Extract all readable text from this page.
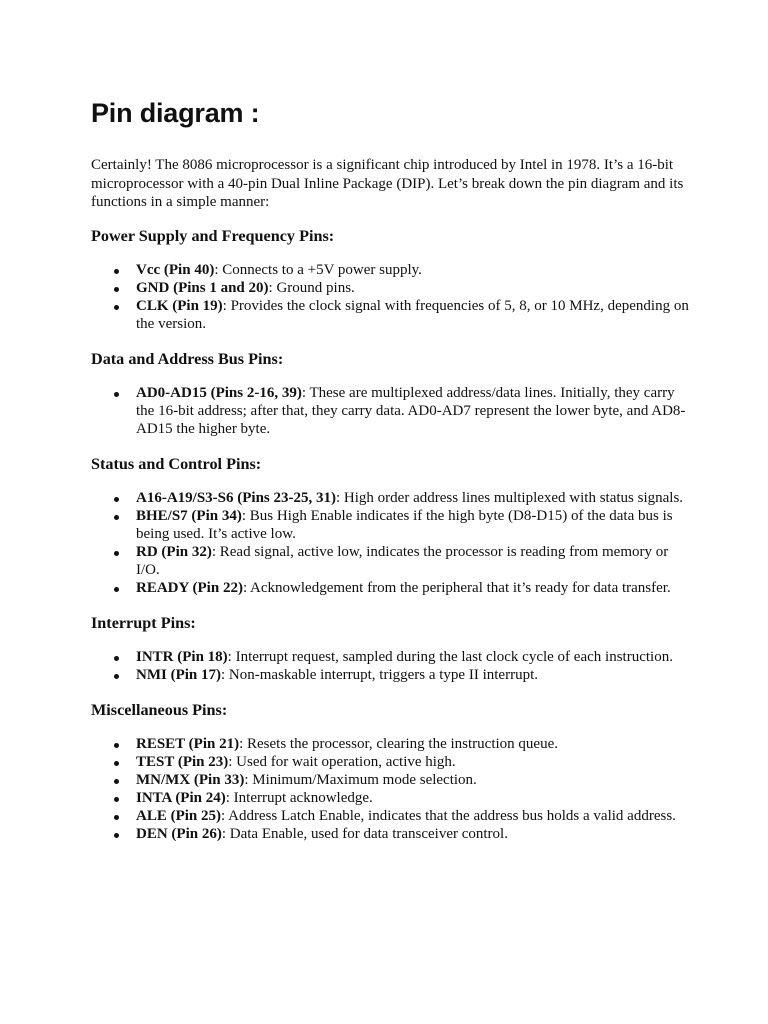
Pin diagram :

Certainly! The 8086 microprocessor is a significant chip introduced by Intel in 1978. It’s a 16-bit microprocessor with a 40-pin Dual Inline Package (DIP). Let’s break down the pin diagram and its functions in a simple manner:

Power Supply and Frequency Pins:
Vcc (Pin 40): Connects to a +5V power supply.
GND (Pins 1 and 20): Ground pins.
CLK (Pin 19): Provides the clock signal with frequencies of 5, 8, or 10 MHz, depending on the version.
Data and Address Bus Pins:
AD0-AD15 (Pins 2-16, 39): These are multiplexed address/data lines. Initially, they carry the 16-bit address; after that, they carry data. AD0-AD7 represent the lower byte, and AD8-AD15 the higher byte.
Status and Control Pins:
A16-A19/S3-S6 (Pins 23-25, 31): High order address lines multiplexed with status signals.
BHE/S7 (Pin 34): Bus High Enable indicates if the high byte (D8-D15) of the data bus is being used. It’s active low.
RD (Pin 32): Read signal, active low, indicates the processor is reading from memory or I/O.
READY (Pin 22): Acknowledgement from the peripheral that it’s ready for data transfer.
Interrupt Pins:
INTR (Pin 18): Interrupt request, sampled during the last clock cycle of each instruction.
NMI (Pin 17): Non-maskable interrupt, triggers a type II interrupt.
Miscellaneous Pins:
RESET (Pin 21): Resets the processor, clearing the instruction queue.
TEST (Pin 23): Used for wait operation, active high.
MN/MX (Pin 33): Minimum/Maximum mode selection.
INTA (Pin 24): Interrupt acknowledge.
ALE (Pin 25): Address Latch Enable, indicates that the address bus holds a valid address.
DEN (Pin 26): Data Enable, used for data transceiver control.
